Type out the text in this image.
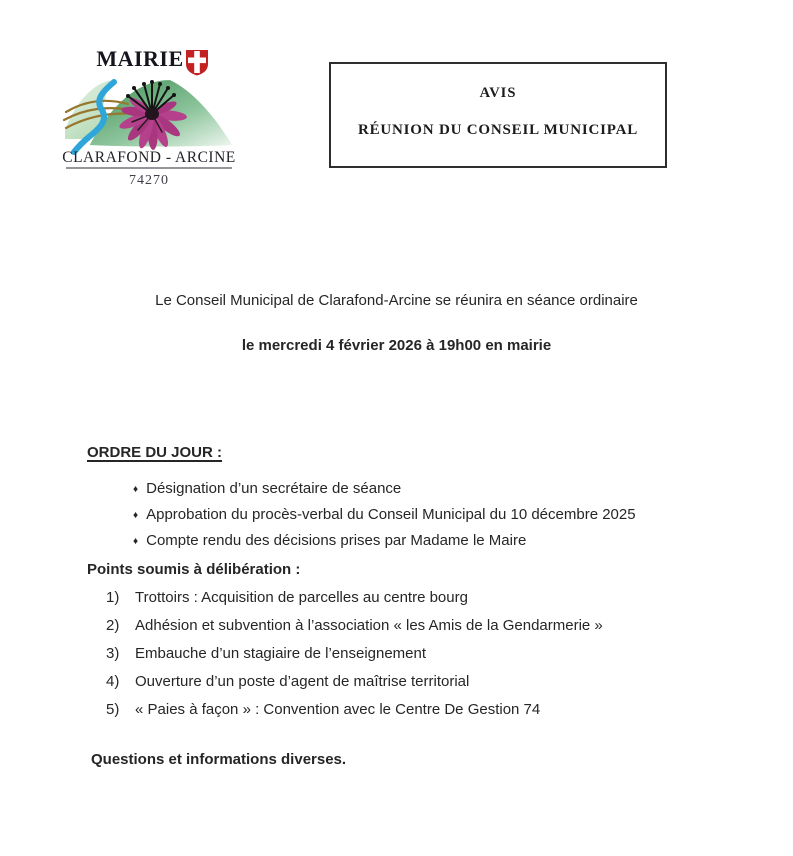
MAIRIE
CLARAFOND - ARCINE
74270
AVIS
RÉUNION DU CONSEIL MUNICIPAL
Le Conseil Municipal de Clarafond-Arcine se réunira en séance ordinaire
le mercredi 4 février 2026 à 19h00 en mairie
ORDRE DU JOUR :
♦ Désignation d’un secrétaire de séance
♦ Approbation du procès-verbal du Conseil Municipal du 10 décembre 2025
♦ Compte rendu des décisions prises par Madame le Maire
Points soumis à délibération :
1)	Trottoirs : Acquisition de parcelles au centre bourg
2)	Adhésion et subvention à l’association « les Amis de la Gendarmerie »
3)	Embauche d’un stagiaire de l’enseignement
4)	Ouverture d’un poste d’agent de maîtrise territorial
5)	« Paies à façon » : Convention avec le Centre De Gestion 74
Questions et informations diverses.
